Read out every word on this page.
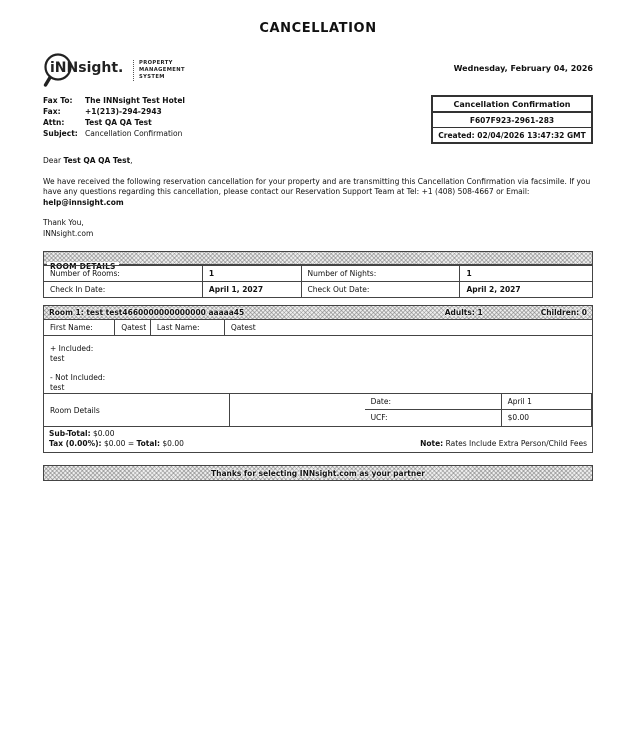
CANCELLATION
iNNsight.	PROPERTY
MANAGEMENT
SYSTEM
Wednesday, February 04, 2026
Fax To:	The INNsight Test Hotel
Fax:	+1(213)-294-2943
Attn:	Test QA QA Test
Subject: Cancellation Confirmation
Cancellation Confirmation
F607F923-2961-283
Created: 02/04/2026 13:47:32 GMT
Dear Test QA QA Test,
We have received the following reservation cancellation for your property and are transmitting this Cancellation Confirmation via facsimile. If you have any questions regarding this cancellation, please contact our Reservation Support Team at Tel: +1 (408) 508-4667 or Email: help@innsight.com
Thank You,
INNsight.com
ROOM DETAILS
Number of Rooms:	1	Number of Nights:	1
Check In Date:	April 1, 2027	Check Out Date:	April 2, 2027
Room 1: test test4660000000000000 aaaaa45	Adults: 1	Children: 0
First Name:	Qatest	Last Name:	Qatest
+ Included:
test
- Not Included:
test
Room Details
Date:	April 1
UCF:	$0.00
Sub-Total: $0.00
Tax (0.00%): $0.00 = Total: $0.00	Note: Rates Include Extra Person/Child Fees
Thanks for selecting INNsight.com as your partner
